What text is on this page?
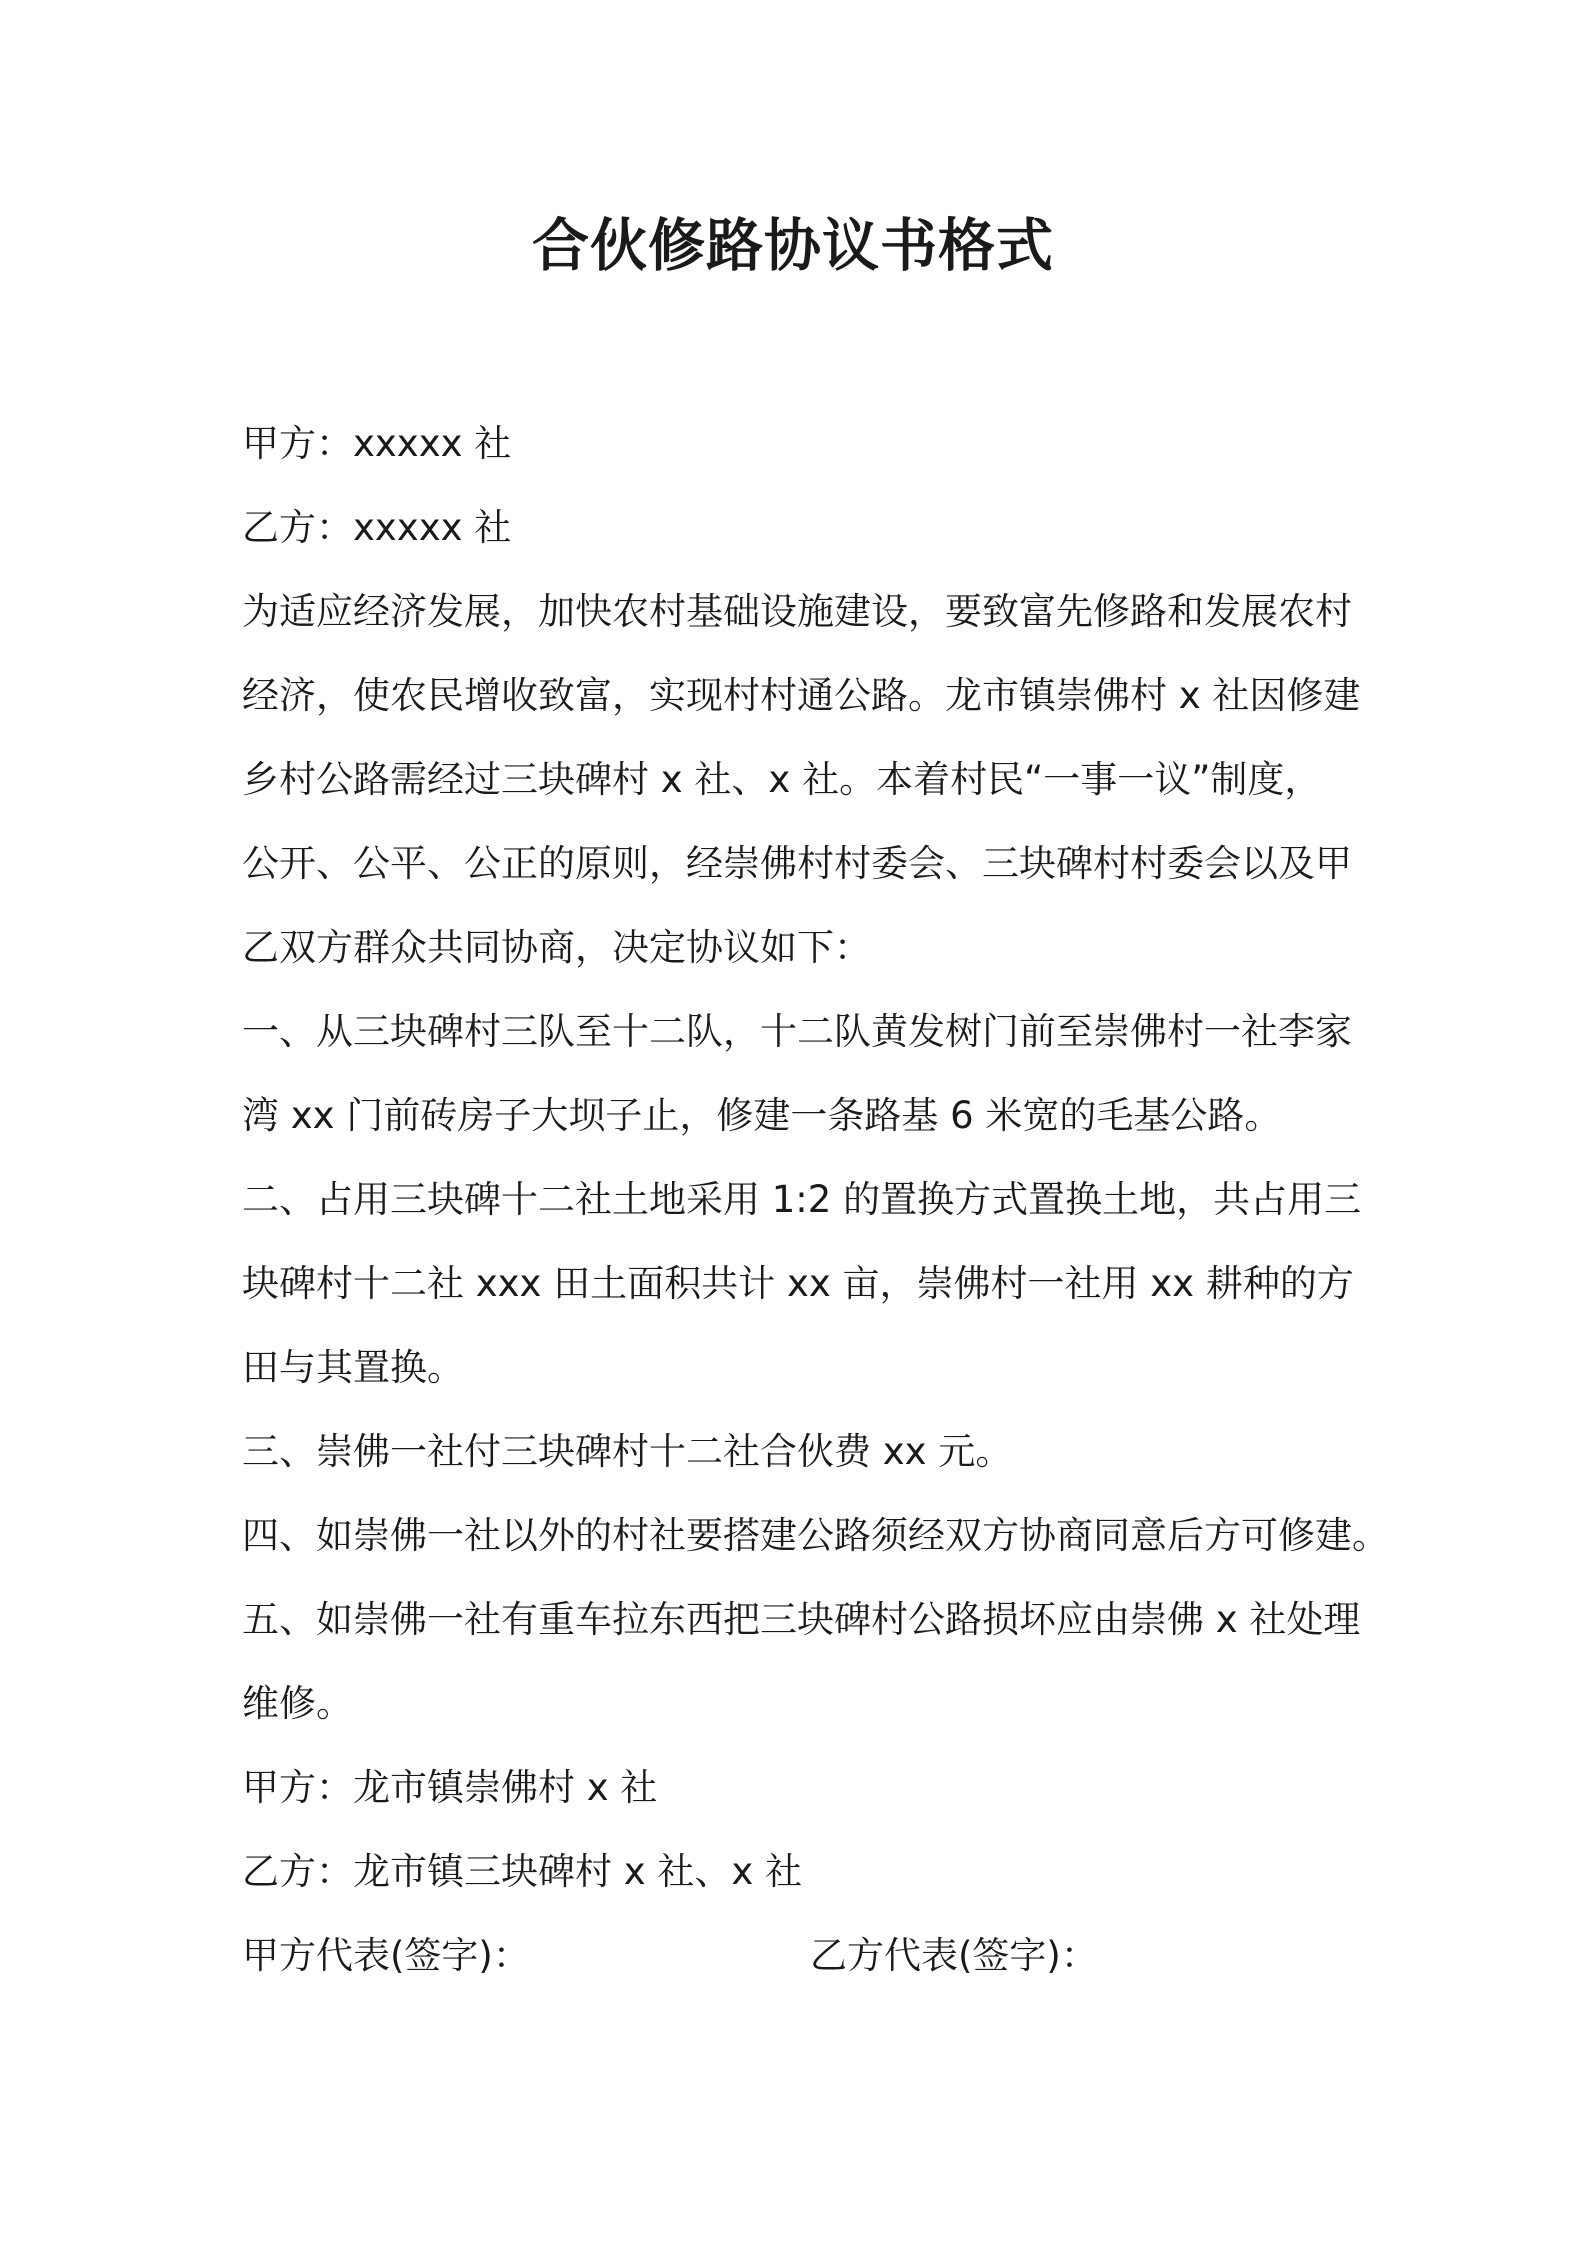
合伙修路协议书格式
甲方：xxxxx 社
乙方：xxxxx 社
为适应经济发展，加快农村基础设施建设，要致富先修路和发展农村
经济，使农民增收致富，实现村村通公路。龙市镇崇佛村 x 社因修建
乡村公路需经过三块碑村 x 社、x 社。本着村民“一事一议”制度，
公开、公平、公正的原则，经崇佛村村委会、三块碑村村委会以及甲
乙双方群众共同协商，决定协议如下：
一、从三块碑村三队至十二队，十二队黄发树门前至崇佛村一社李家
湾 xx 门前砖房子大坝子止，修建一条路基 6 米宽的毛基公路。
二、占用三块碑十二社土地采用 1:2 的置换方式置换土地，共占用三
块碑村十二社 xxx 田土面积共计 xx 亩，崇佛村一社用 xx 耕种的方
田与其置换。
三、崇佛一社付三块碑村十二社合伙费 xx 元。
四、如崇佛一社以外的村社要搭建公路须经双方协商同意后方可修建。
五、如崇佛一社有重车拉东西把三块碑村公路损坏应由崇佛 x 社处理
维修。
甲方：龙市镇崇佛村 x 社
乙方：龙市镇三块碑村 x 社、x 社
甲方代表(签字)：	乙方代表(签字)：
